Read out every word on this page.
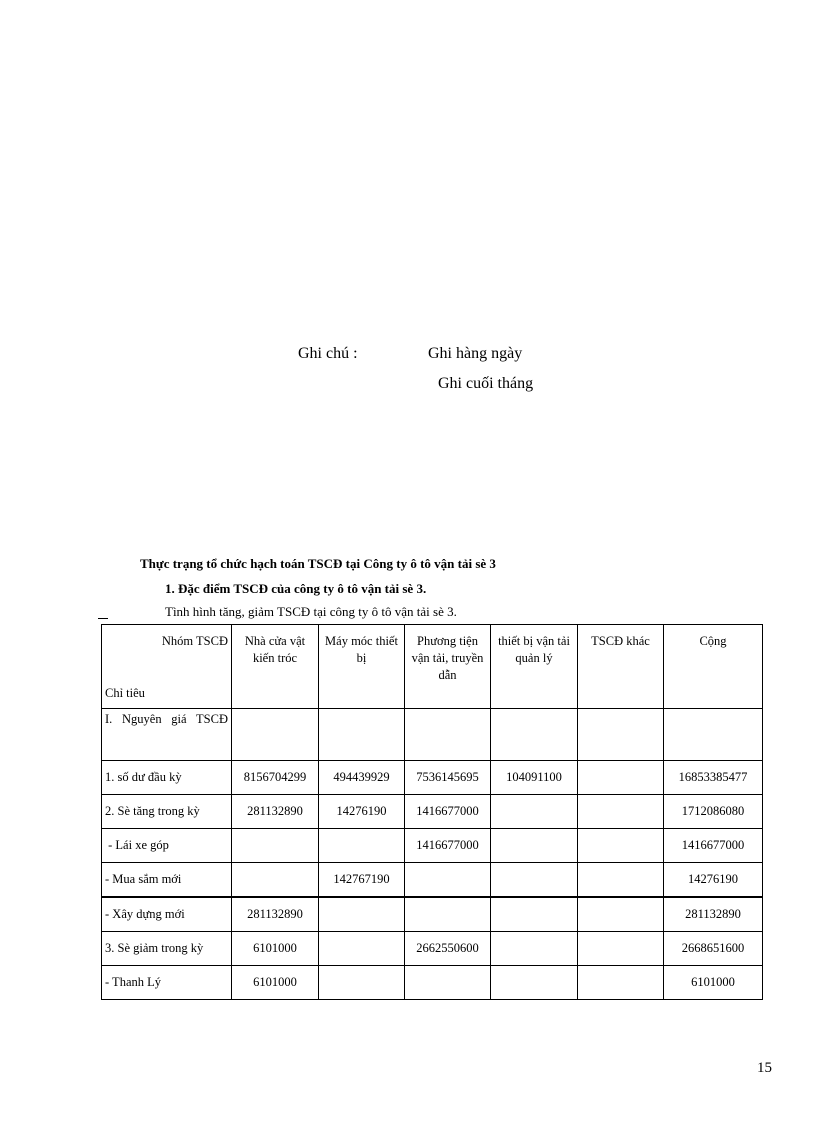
Ghi chú :	Ghi hàng ngày
Ghi cuối tháng
Thực trạng tổ chức hạch toán TSCĐ tại Công ty ô tô vận tải sè 3
1. Đặc điểm TSCĐ của công ty ô tô vận tải sè 3.
Tình hình tăng, giảm TSCĐ tại công ty ô tô vận tải sè 3.
Nhóm TSCĐ
Chỉ tiêu	Nhà cửa vật kiến tróc	Máy móc thiết bị	Phương tiện vận tải, truyền dẫn	thiết bị vận tải quản lý	TSCĐ khác	Cộng

I. Nguyên giá TSCĐ						
1. số dư đầu kỳ	8156704299	494439929	7536145695	104091100		16853385477
2. Sè tăng trong kỳ	281132890	14276190	1416677000			1712086080
- Lái xe góp			1416677000			1416677000
- Mua sắm mới		142767190				14276190
- Xây dựng mới	281132890					281132890
3. Sè giảm trong kỳ	6101000		2662550600			2668651600
- Thanh Lý	6101000					6101000
15
